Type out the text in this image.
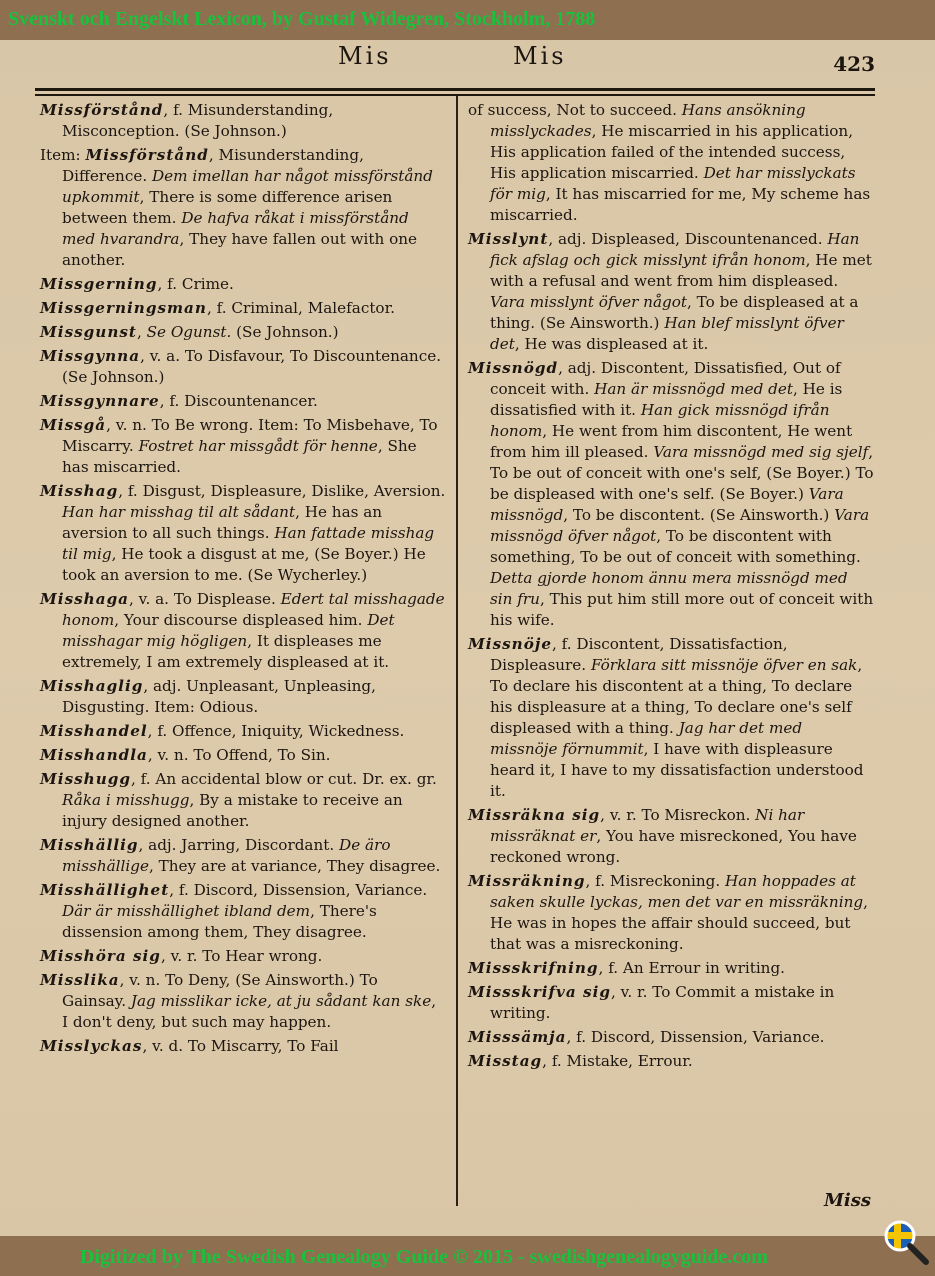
Svenskt och Engelskt Lexicon, by Gustaf Widegren, Stockholm, 1788
Mis	Mis	423
Missförstånd, f. Misunderstanding, Misconception. (Se Johnson.)
Item: Missförstånd, Misunderstanding, Difference. Dem imellan har något missförstånd upkommit, There is some difference arisen between them. De hafva råkat i missförstånd med hvarandra, They have fallen out with one another.
Missgerning, f. Crime.
Missgerningsman, f. Criminal, Malefactor.
Missgunst, Se Ogunst. (Se Johnson.)
Missgynna, v. a. To Disfavour, To Discountenance. (Se Johnson.)
Missgynnare, f. Discountenancer.
Missgå, v. n. To Be wrong. Item: To Misbehave, To Miscarry. Fostret har missgådt för henne, She has miscarried.
Misshag, f. Disgust, Displeasure, Dislike, Aversion. Han har misshag til alt sådant, He has an aversion to all such things. Han fattade misshag til mig, He took a disgust at me, (Se Boyer.) He took an aversion to me. (Se Wycherley.)
Misshaga, v. a. To Displease. Edert tal misshagade honom, Your discourse displeased him. Det misshagar mig högligen, It displeases me extremely, I am extremely displeased at it.
Misshaglig, adj. Unpleasant, Unpleasing, Disgusting. Item: Odious.
Misshandel, f. Offence, Iniquity, Wickedness.
Misshandla, v. n. To Offend, To Sin.
Misshugg, f. An accidental blow or cut. Dr. ex. gr. Råka i misshugg, By a mistake to receive an injury designed another.
Misshällig, adj. Jarring, Discordant. De äro misshällige, They are at variance, They disagree.
Misshällighet, f. Discord, Dissension, Variance. Där är misshällighet ibland dem, There's dissension among them, They disagree.
Misshöra sig, v. r. To Hear wrong.
Misslika, v. n. To Deny, (Se Ainsworth.) To Gainsay. Jag misslikar icke, at ju sådant kan ske, I don't deny, but such may happen.
Misslyckas, v. d. To Miscarry, To Fail
of success, Not to succeed. Hans ansökning misslyckades, He miscarried in his application, His application failed of the intended success, His application miscarried. Det har misslyckats för mig, It has miscarried for me, My scheme has miscarried.
Misslynt, adj. Displeased, Discountenanced. Han fick afslag och gick misslynt ifrån honom, He met with a refusal and went from him displeased. Vara misslynt öfver något, To be displeased at a thing. (Se Ainsworth.) Han blef misslynt öfver det, He was displeased at it.
Missnögd, adj. Discontent, Dissatisfied, Out of conceit with. Han är missnögd med det, He is dissatisfied with it. Han gick missnögd ifrån honom, He went from him discontent, He went from him ill pleased. Vara missnögd med sig sjelf, To be out of conceit with one's self, (Se Boyer.) To be displeased with one's self. (Se Boyer.) Vara missnögd, To be discontent. (Se Ainsworth.) Vara missnögd öfver något, To be discontent with something, To be out of conceit with something. Detta gjorde honom ännu mera missnögd med sin fru, This put him still more out of conceit with his wife.
Missnöje, f. Discontent, Dissatisfaction, Displeasure. Förklara sitt missnöje öfver en sak, To declare his discontent at a thing, To declare his displeasure at a thing, To declare one's self displeased with a thing. Jag har det med missnöje förnummit, I have with displeasure heard it, I have to my dissatisfaction understood it.
Missräkna sig, v. r. To Misreckon. Ni har missräknat er, You have misreckoned, You have reckoned wrong.
Missräkning, f. Misreckoning. Han hoppades at saken skulle lyckas, men det var en missräkning, He was in hopes the affair should succeed, but that was a misreckoning.
Missskrifning, f. An Errour in writing.
Missskrifva sig, v. r. To Commit a mistake in writing.
Misssämja, f. Discord, Dissension, Variance.
Misstag, f. Mistake, Errour.
Miss
Digitized by The Swedish Genealogy Guide © 2015 - swedishgenealogyguide.com
